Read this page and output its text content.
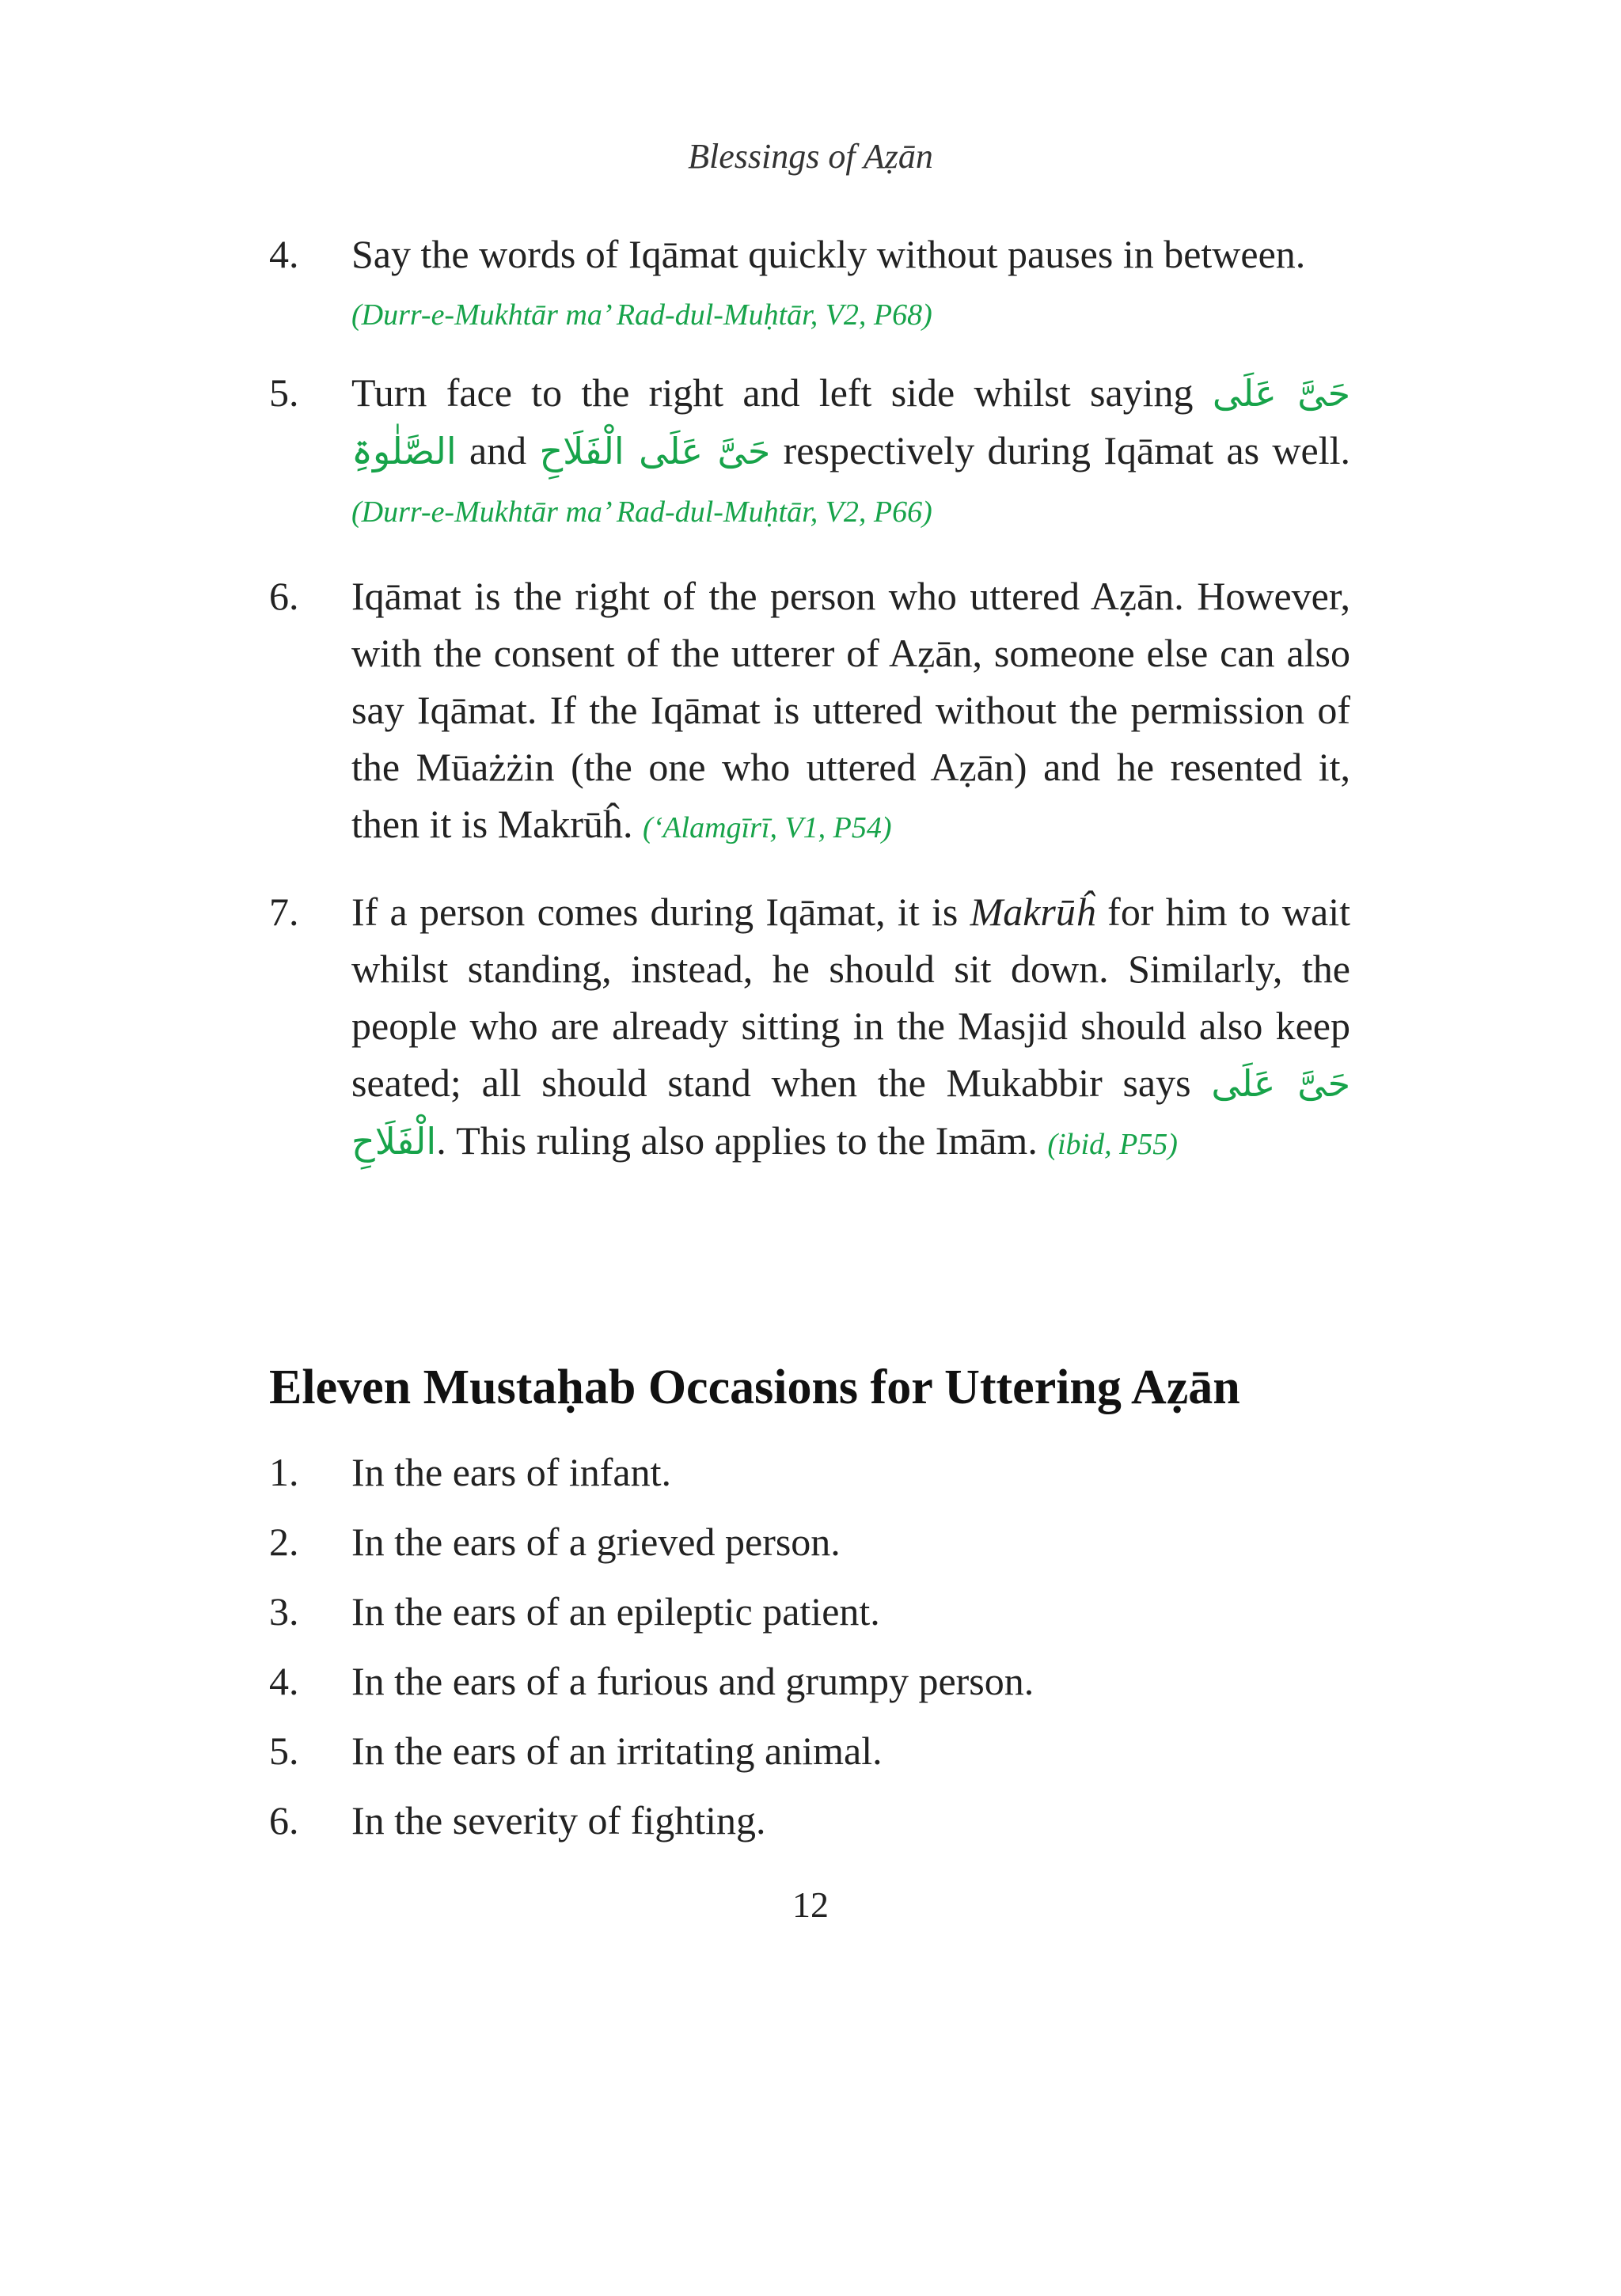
Blessings of Aẓān
4.	Say the words of Iqāmat quickly without pauses in between.
(Durr-e-Mukhtār ma’ Rad-dul-Muḥtār, V2, P68)
5.	Turn face to the right and left side whilst saying حَیَّ عَلَی الصَّلٰوۃِ and حَیَّ عَلَی الْفَلَاحِ respectively during Iqāmat as well. (Durr-e-Mukhtār ma’ Rad-dul-Muḥtār, V2, P66)
6.	Iqāmat is the right of the person who uttered Aẓān. However, with the consent of the utterer of Aẓān, someone else can also say Iqāmat. If the Iqāmat is uttered without the permission of the Mūażżin (the one who uttered Aẓān) and he resented it, then it is Makrūĥ. (‘Alamgīrī, V1, P54)
7.	If a person comes during Iqāmat, it is Makrūĥ for him to wait whilst standing, instead, he should sit down. Similarly, the people who are already sitting in the Masjid should also keep seated; all should stand when the Mukabbir says حَیَّ عَلَی الْفَلَاحِ. This ruling also applies to the Imām. (ibid, P55)
Eleven Mustaḥab Occasions for Uttering Aẓān
1.	In the ears of infant.
2.	In the ears of a grieved person.
3.	In the ears of an epileptic patient.
4.	In the ears of a furious and grumpy person.
5.	In the ears of an irritating animal.
6.	In the severity of fighting.
12
